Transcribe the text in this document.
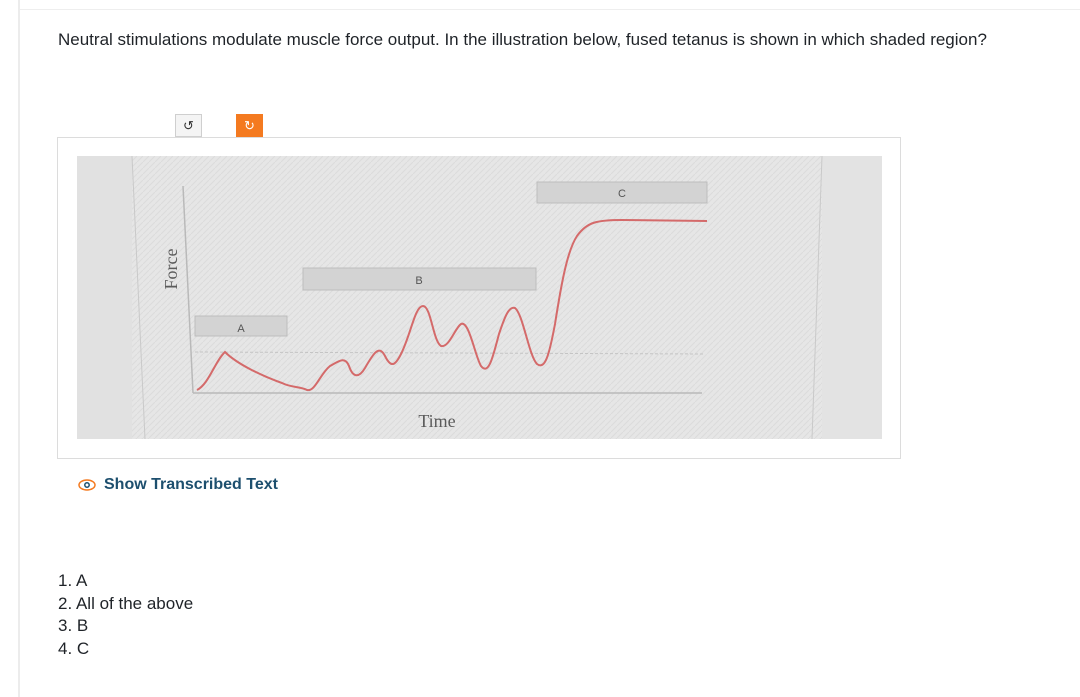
Neutral stimulations modulate muscle force output. In the illustration below, fused tetanus is shown in which shaded region?
↺	↻
A
B
C
Force
Time
Show Transcribed Text
1. A
2. All of the above
3. B
4. C
